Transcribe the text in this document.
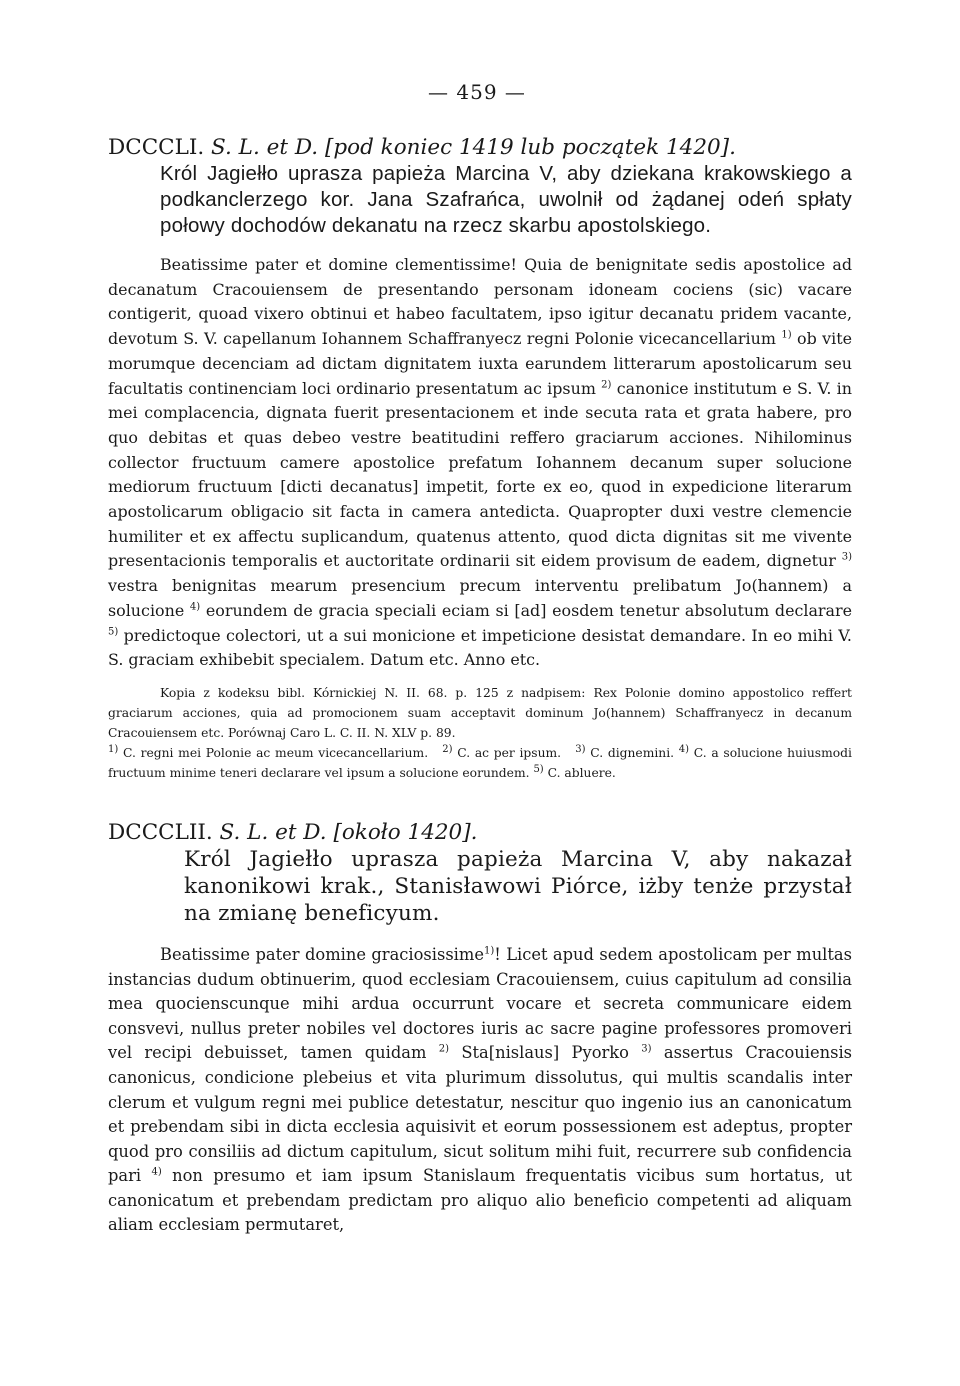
— 459 —
DCCCLI. S. L. et D. [pod koniec 1419 lub początek 1420].

Król Jagiełło uprasza papieża Marcina V, aby dziekana krakowskiego a podkanclerzego kor. Jana Szafrańca, uwolnił od żądanej odeń spłaty połowy dochodów dekanatu na rzecz skarbu apostolskiego.

Beatissime pater et domine clementissime! Quia de benignitate sedis apostolice ad decanatum Cracouiensem de presentando personam idoneam cociens (sic) vacare contigerit, quoad vixero obtinui et habeo facultatem, ipso igitur decanatu pridem vacante, devotum S. V. capellanum Iohannem Schaffranyecz regni Polonie vicecancellarium $^{1)}$ ob vite morumque decenciam ad dictam dignitatem iuxta earundem litterarum apostolicarum seu facultatis continenciam loci ordinario presentatum ac ipsum $^{2)}$ canonice institutum e S. V. in mei complacencia, dignata fuerit presentacionem et inde secuta rata et grata habere, pro quo debitas et quas debeo vestre beatitudini reffero graciarum acciones. Nihilominus collector fructuum camere apostolice prefatum Iohannem decanum super solucione mediorum fructuum [dicti decanatus] impetit, forte ex eo, quod in expedicione literarum apostolicarum obligacio sit facta in camera antedicta. Quapropter duxi vestre clemencie humiliter et ex affectu suplicandum, quatenus attento, quod dicta dignitas sit me vivente presentacionis temporalis et auctoritate ordinarii sit eidem provisum de eadem, dignetur $^{3)}$ vestra benignitas mearum presencium precum interventu prelibatum Jo(hannem) a solucione $^{4)}$ eorundem de gracia speciali eciam si [ad] eosdem tenetur absolutum declarare $^{5)}$ predictoque colectori, ut a sui monicione et impeticione desistat demandare. In eo mihi V. S. graciam exhibebit specialem. Datum etc. Anno etc.

Kopia z kodeksu bibl. Kórnickiej N. II. 68. p. 125 z nadpisem: Rex Polonie domino appostolico reffert graciarum acciones, quia ad promocionem suam acceptavit dominum Jo(hannem) Schaffranyecz in decanum Cracouiensem etc. Porównaj Caro L. C. II. N. XLV p. 89.

$^{1)}$ C. regni mei Polonie ac meum vicecancellarium. $^{2)}$ C. ac per ipsum. $^{3)}$ C. dignemini. $^{4)}$ C. a solucione huiusmodi fructuum minime teneri declarare vel ipsum a solucione eorundem. $^{5)}$ C. abluere.

DCCCLII. S. L. et D. [około 1420].

Król Jagiełło uprasza papieża Marcina V, aby nakazał kanonikowi krak., Stanisławowi Piórce, iżby tenże przystał na zmianę beneficyum.

Beatissime pater domine graciosissime$^{1)}$! Licet apud sedem apostolicam per multas instancias dudum obtinuerim, quod ecclesiam Cracouiensem, cuius capitulum ad consilia mea quocienscunque mihi ardua occurrunt vocare et secreta communicare eidem consvevi, nullus preter nobiles vel doctores iuris ac sacre pagine professores promoveri vel recipi debuisset, tamen quidam $^{2)}$ Sta[nislaus] Pyorko $^{3)}$ assertus Cracouiensis canonicus, condicione plebeius et vita plurimum dissolutus, qui multis scandalis inter clerum et vulgum regni mei publice detestatur, nescitur quo ingenio ius an canonicatum et prebendam sibi in dicta ecclesia aquisivit et eorum possessionem est adeptus, propter quod pro consiliis ad dictum capitulum, sicut solitum mihi fuit, recurrere sub confidencia pari $^{4)}$ non presumo et iam ipsum Stanislaum frequentatis vicibus sum hortatus, ut canonicatum et prebendam predictam pro aliquo alio beneficio competenti ad aliquam aliam ecclesiam permutaret,
